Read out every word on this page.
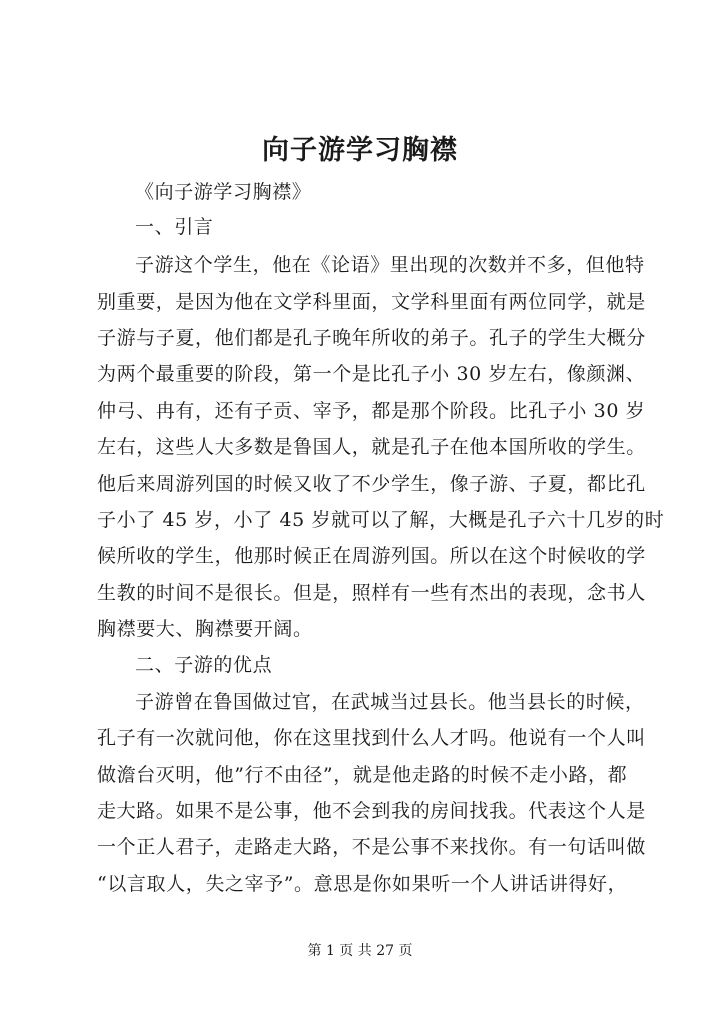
向子游学习胸襟
《向子游学习胸襟》
一、引言
子游这个学生，他在《论语》里出现的次数并不多，但他特
别重要，是因为他在文学科里面，文学科里面有两位同学，就是
子游与子夏，他们都是孔子晚年所收的弟子。孔子的学生大概分
为两个最重要的阶段，第一个是比孔子小 30 岁左右，像颜渊、
仲弓、冉有，还有子贡、宰予，都是那个阶段。比孔子小 30 岁
左右，这些人大多数是鲁国人，就是孔子在他本国所收的学生。
他后来周游列国的时候又收了不少学生，像子游、子夏，都比孔
子小了 45 岁，小了 45 岁就可以了解，大概是孔子六十几岁的时
候所收的学生，他那时候正在周游列国。所以在这个时候收的学
生教的时间不是很长。但是，照样有一些有杰出的表现，念书人
胸襟要大、胸襟要开阔。
二、子游的优点
子游曾在鲁国做过官，在武城当过县长。他当县长的时候，
孔子有一次就问他，你在这里找到什么人才吗。他说有一个人叫
做澹台灭明，他”行不由径”，就是他走路的时候不走小路，都
走大路。如果不是公事，他不会到我的房间找我。代表这个人是
一个正人君子，走路走大路，不是公事不来找你。有一句话叫做
“以言取人，失之宰予”。意思是你如果听一个人讲话讲得好，
第 1 页 共 27 页
